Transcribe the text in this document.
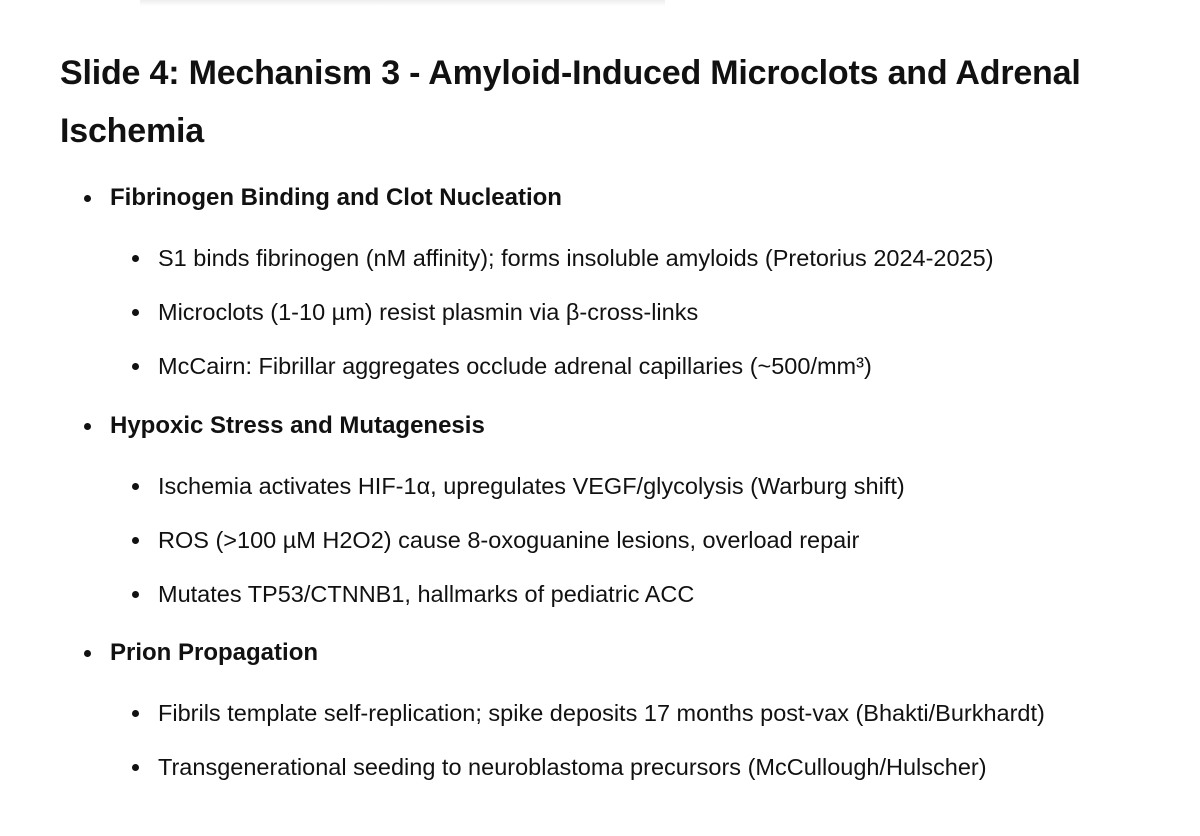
Slide 4: Mechanism 3 - Amyloid-Induced Microclots and Adrenal Ischemia
Fibrinogen Binding and Clot Nucleation
S1 binds fibrinogen (nM affinity); forms insoluble amyloids (Pretorius 2024-2025)
Microclots (1-10 µm) resist plasmin via β-cross-links
McCairn: Fibrillar aggregates occlude adrenal capillaries (~500/mm³)
Hypoxic Stress and Mutagenesis
Ischemia activates HIF-1α, upregulates VEGF/glycolysis (Warburg shift)
ROS (>100 µM H2O2) cause 8-oxoguanine lesions, overload repair
Mutates TP53/CTNNB1, hallmarks of pediatric ACC
Prion Propagation
Fibrils template self-replication; spike deposits 17 months post-vax (Bhakti/Burkhardt)
Transgenerational seeding to neuroblastoma precursors (McCullough/Hulscher)
